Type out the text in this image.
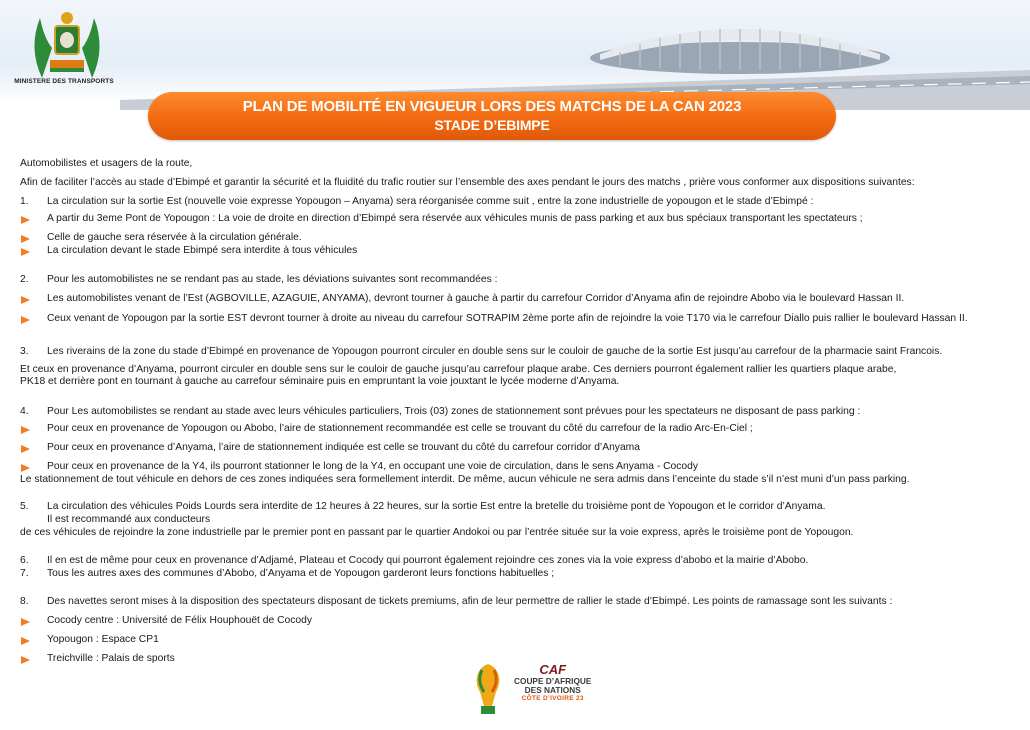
MINISTERE DES TRANSPORTS
PLAN DE MOBILITÉ EN VIGUEUR LORS DES MATCHS DE LA CAN 2023
STADE D’EBIMPE
Automobilistes et usagers de la route,
Afin de faciliter l’accès au stade d’Ebimpé et garantir la sécurité et la fluidité du trafic routier sur l’ensemble des axes pendant le jours des matchs , prière vous conformer aux dispositions suivantes:
1. La circulation sur la sortie Est (nouvelle voie expresse Yopougon – Anyama) sera réorganisée comme suit , entre la zone industrielle de yopougon et le stade d’Ebimpé :
A partir du 3eme Pont de Yopougon : La voie de droite en direction d’Ebimpé sera réservée aux véhicules munis de pass parking et aux bus spéciaux transportant les spectateurs ;
Celle de gauche sera réservée à la circulation générale.
La circulation devant le stade Ebimpé sera interdite à tous véhicules
2. Pour les automobilistes ne se rendant pas au stade, les déviations suivantes sont recommandées :
Les automobilistes venant de l’Est (AGBOVILLE, AZAGUIE, ANYAMA), devront tourner à gauche à partir du carrefour Corridor d’Anyama afin de rejoindre Abobo via le boulevard Hassan II.
Ceux venant de Yopougon par la sortie EST devront tourner à droite au niveau du carrefour SOTRAPIM 2ème porte afin de rejoindre la voie T170 via le carrefour Diallo puis rallier le boulevard Hassan II.
3. Les riverains de la zone du stade d’Ebimpé en provenance de Yopougon pourront circuler en double sens sur le couloir de gauche de la sortie Est jusqu’au carrefour de la pharmacie saint Francois.
Et ceux en provenance d’Anyama, pourront circuler en double sens sur le couloir de gauche jusqu’au carrefour plaque arabe. Ces derniers pourront également rallier les quartiers plaque arabe,
PK18 et derrière pont en tournant à gauche au carrefour séminaire puis en empruntant la voie jouxtant le lycée moderne d’Anyama.
4. Pour Les automobilistes se rendant au stade avec leurs véhicules particuliers, Trois (03) zones de stationnement sont prévues pour les spectateurs ne disposant de pass parking :
Pour ceux en provenance de Yopougon ou Abobo, l’aire de stationnement recommandée est celle se trouvant du côté du carrefour de la radio Arc-En-Ciel ;
Pour ceux en provenance d’Anyama, l’aire de stationnement indiquée est celle se trouvant du côté du carrefour corridor d’Anyama
Pour ceux en provenance de la Y4, ils pourront stationner le long de la Y4, en occupant une voie de circulation, dans le sens Anyama - Cocody
Le stationnement de tout véhicule en dehors de ces zones indiquées sera formellement interdit. De même, aucun véhicule ne sera admis dans l’enceinte du stade s’il n’est muni d’un pass parking.
5. La circulation des véhicules Poids Lourds sera interdite de 12 heures à 22 heures, sur la sortie Est entre la bretelle du troisième pont de Yopougon et le corridor d’Anyama.
Il est recommandé aux conducteurs
de ces véhicules de rejoindre la zone industrielle par le premier pont en passant par le quartier Andokoi ou par l’entrée située sur la voie express, après le troisième pont de Yopougon.
6. Il en est de même pour ceux en provenance d’Adjamé, Plateau et Cocody qui pourront également rejoindre ces zones via la voie express d’abobo et la mairie d’Abobo.
7. Tous les autres axes des communes d’Abobo, d’Anyama et de Yopougon garderont leurs fonctions habituelles ;
8. Des navettes seront mises à la disposition des spectateurs disposant de tickets premiums, afin de leur permettre de rallier le stade d’Ebimpé. Les points de ramassage sont les suivants :
Cocody centre : Université de Félix Houphouët de Cocody
Yopougon : Espace CP1
Treichville : Palais de sports
CAF
COUPE D’AFRIQUE
DES NATIONS
CÔTE D’IVOIRE 23
